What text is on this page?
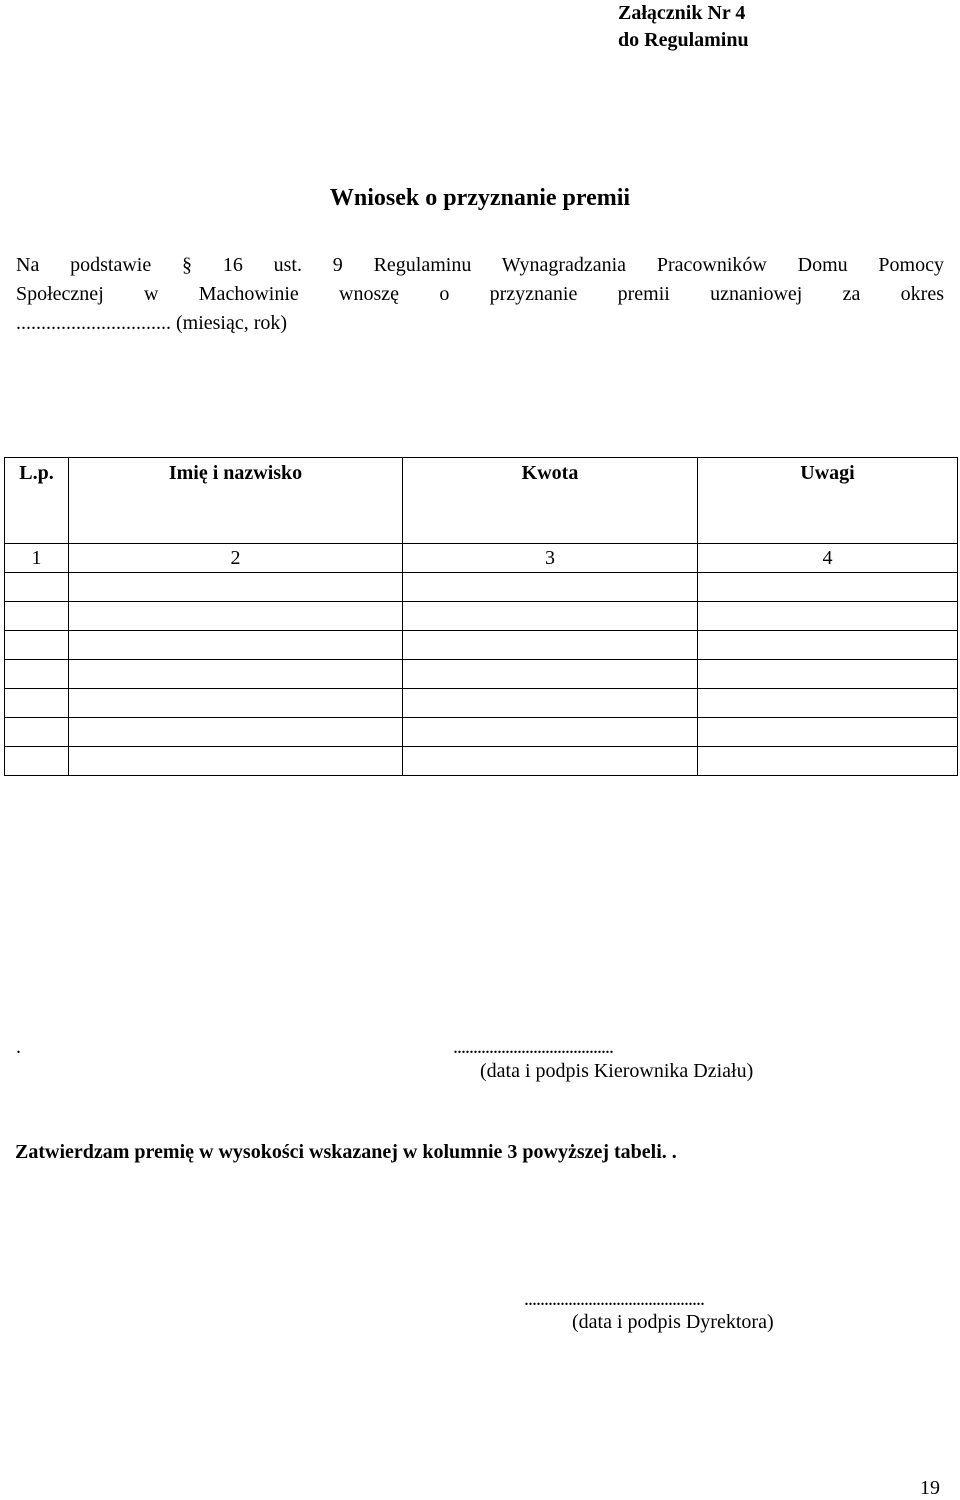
Załącznik Nr 4
do Regulaminu
Wniosek o przyznanie premii
Na podstawie § 16 ust. 9 Regulaminu Wynagradzania Pracowników Domu Pomocy
Społecznej w Machowinie wnoszę o przyznanie premii uznaniowej za okres
............................... (miesiąc, rok)
L.p.	Imię i nazwisko	Kwota	Uwagi
1	2	3	4

.	........................................
(data i podpis Kierownika Działu)
Zatwierdzam premię w wysokości wskazanej w kolumnie 3 powyższej tabeli. .
.............................................
(data i podpis Dyrektora)
19
